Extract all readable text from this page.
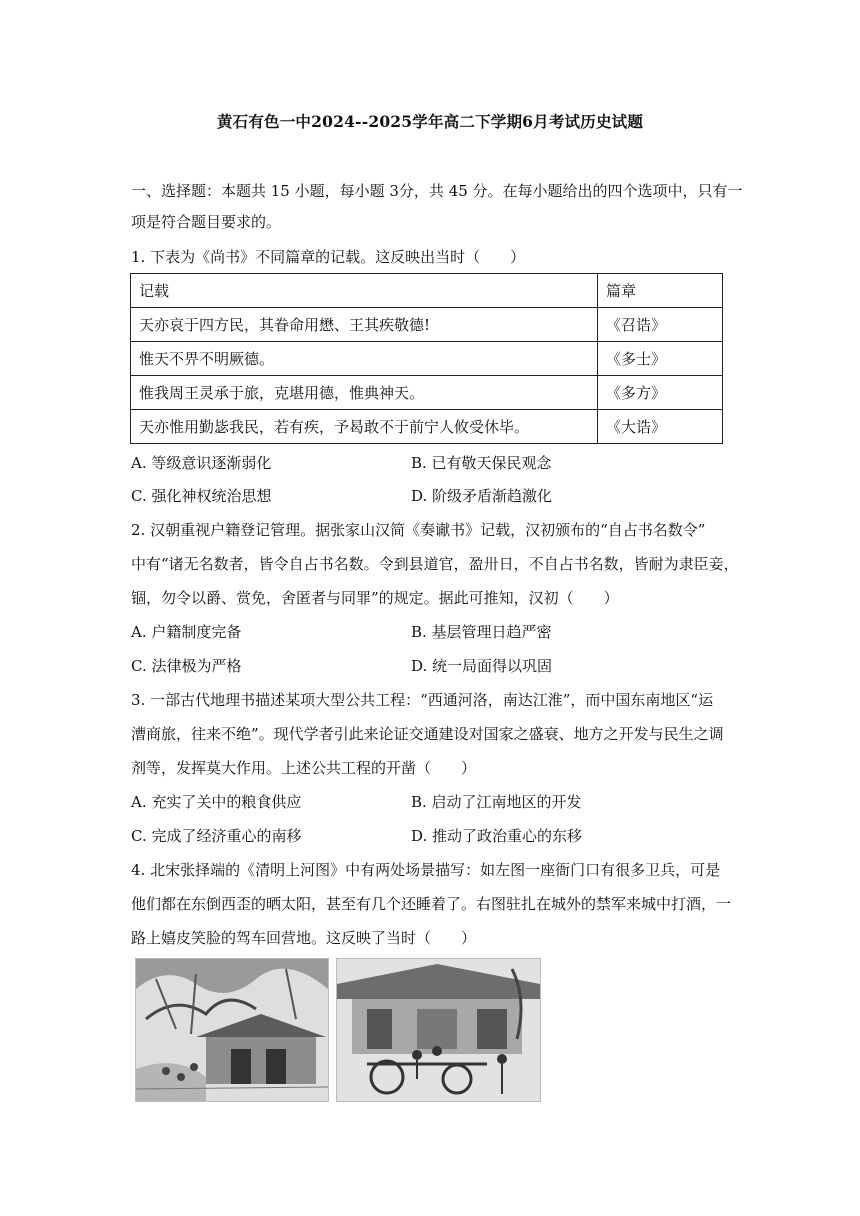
黄石有色一中2024--2025学年高二下学期6月考试历史试题
一、选择题：本题共 15 小题，每小题 3分，共 45 分。在每小题给出的四个选项中，只有一
项是符合题目要求的。
1. 下表为《尚书》不同篇章的记载。这反映出当时（　　）
记载	篇章
天亦哀于四方民，其眷命用懋、王其疾敬德!	《召诰》
惟天不畀不明厥德。	《多士》
惟我周王灵承于旅，克堪用德，惟典神天。	《多方》
天亦惟用勤毖我民，若有疾，予曷敢不于前宁人攸受休毕。	《大诰》
A. 等级意识逐渐弱化	B. 已有敬天保民观念
C. 强化神权统治思想	D. 阶级矛盾渐趋激化
2. 汉朝重视户籍登记管理。据张家山汉简《奏谳书》记载，汉初颁布的“自占书名数令”
中有“诸无名数者，皆令自占书名数。令到县道官，盈卅日，不自占书名数，皆耐为隶臣妾，
锢，勿令以爵、赏免，舍匿者与同罪”的规定。据此可推知，汉初（　　）
A. 户籍制度完备	B. 基层管理日趋严密
C. 法律极为严格	D. 统一局面得以巩固
3. 一部古代地理书描述某项大型公共工程：“西通河洛，南达江淮”，而中国东南地区“运
漕商旅，往来不绝”。现代学者引此来论证交通建设对国家之盛衰、地方之开发与民生之调
剂等，发挥莫大作用。上述公共工程的开凿（　　）
A. 充实了关中的粮食供应	B. 启动了江南地区的开发
C. 完成了经济重心的南移	D. 推动了政治重心的东移
4. 北宋张择端的《清明上河图》中有两处场景描写：如左图一座衙门口有很多卫兵，可是
他们都在东倒西歪的晒太阳，甚至有几个还睡着了。右图驻扎在城外的禁军来城中打酒，一
路上嬉皮笑脸的驾车回营地。这反映了当时（　　）
